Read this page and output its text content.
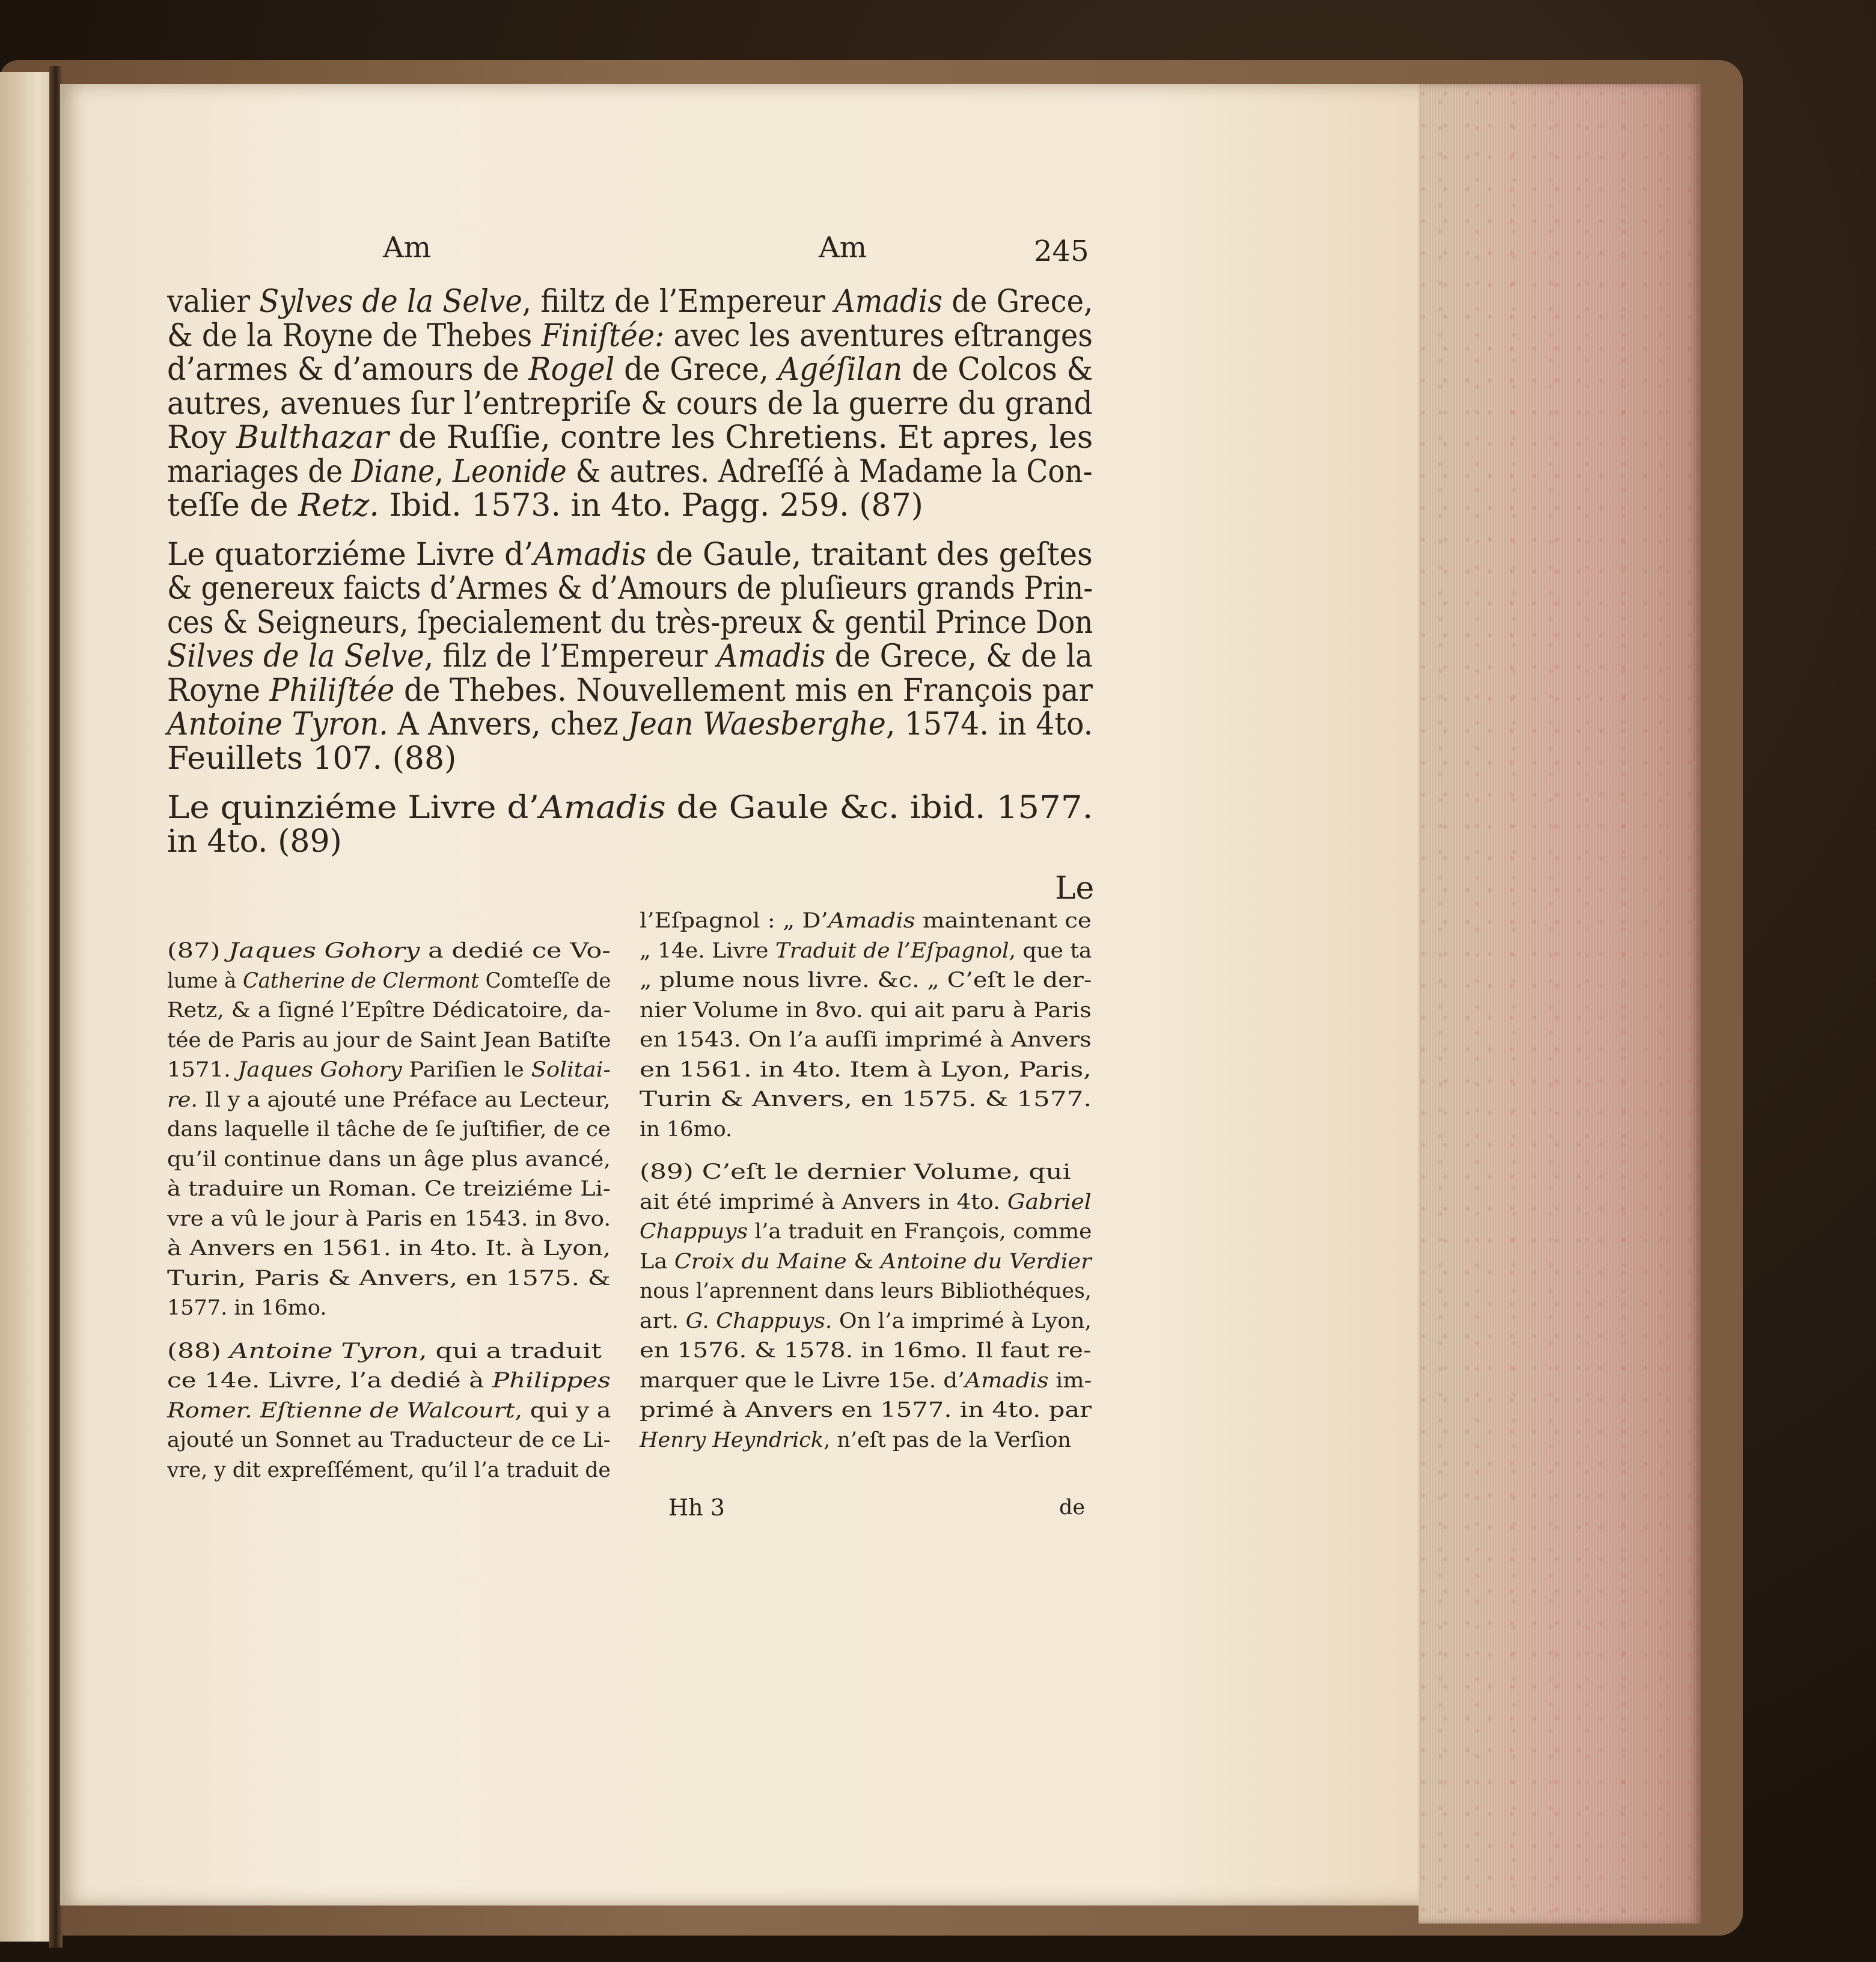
Am	Am	245
valier Sylves de la Selve, fiiltz de l’Empereur Amadis de Grece,
& de la Royne de Thebes Finiſtée: avec les aventures eſtranges
d’armes & d’amours de Rogel de Grece, Agéſilan de Colcos &
autres, avenues ſur l’entrepriſe & cours de la guerre du grand
Roy Bulthazar de Ruſſie, contre les Chretiens. Et apres, les
mariages de Diane, Leonide & autres. Adreſſé à Madame la Con-
teſſe de Retz. Ibid. 1573. in 4to. Pagg. 259. (87)
Le quatorziéme Livre d’Amadis de Gaule, traitant des geſtes
& genereux faicts d’Armes & d’Amours de pluſieurs grands Prin-
ces & Seigneurs, ſpecialement du très-preux & gentil Prince Don
Silves de la Selve, filz de l’Empereur Amadis de Grece, & de la
Royne Philiſtée de Thebes. Nouvellement mis en François par
Antoine Tyron. A Anvers, chez Jean Waesberghe, 1574. in 4to.
Feuillets 107. (88)
Le quinziéme Livre d’Amadis de Gaule &c. ibid. 1577.
in 4to. (89)
Le
(87) Jaques Gohory a dedié ce Vo-
lume à Catherine de Clermont Comteſſe de
Retz, & a ſigné l’Epître Dédicatoire, da-
tée de Paris au jour de Saint Jean Batiſte
1571. Jaques Gohory Pariſien le Solitai-
re. Il y a ajouté une Préface au Lecteur,
dans laquelle il tâche de ſe juſtifier, de ce
qu’il continue dans un âge plus avancé,
à traduire un Roman. Ce treiziéme Li-
vre a vû le jour à Paris en 1543. in 8vo.
à Anvers en 1561. in 4to. It. à Lyon,
Turin, Paris & Anvers, en 1575. &
1577. in 16mo.
(88) Antoine Tyron, qui a traduit
ce 14e. Livre, l’a dedié à Philippes
Romer. Eſtienne de Walcourt, qui y a
ajouté un Sonnet au Traducteur de ce Li-
vre, y dit expreſſément, qu’il l’a traduit de
l’Eſpagnol : „ D’Amadis maintenant ce
„ 14e. Livre Traduit de l’Eſpagnol, que ta
„ plume nous livre. &c. „ C’eſt le der-
nier Volume in 8vo. qui ait paru à Paris
en 1543. On l’a auſſi imprimé à Anvers
en 1561. in 4to. Item à Lyon, Paris,
Turin & Anvers, en 1575. & 1577.
in 16mo.
(89) C’eſt le dernier Volume, qui
ait été imprimé à Anvers in 4to. Gabriel
Chappuys l’a traduit en François, comme
La Croix du Maine & Antoine du Verdier
nous l’aprennent dans leurs Bibliothéques,
art. G. Chappuys. On l’a imprimé à Lyon,
en 1576. & 1578. in 16mo. Il faut re-
marquer que le Livre 15e. d’Amadis im-
primé à Anvers en 1577. in 4to. par
Henry Heyndrick, n’eſt pas de la Verſion
Hh 3	de
